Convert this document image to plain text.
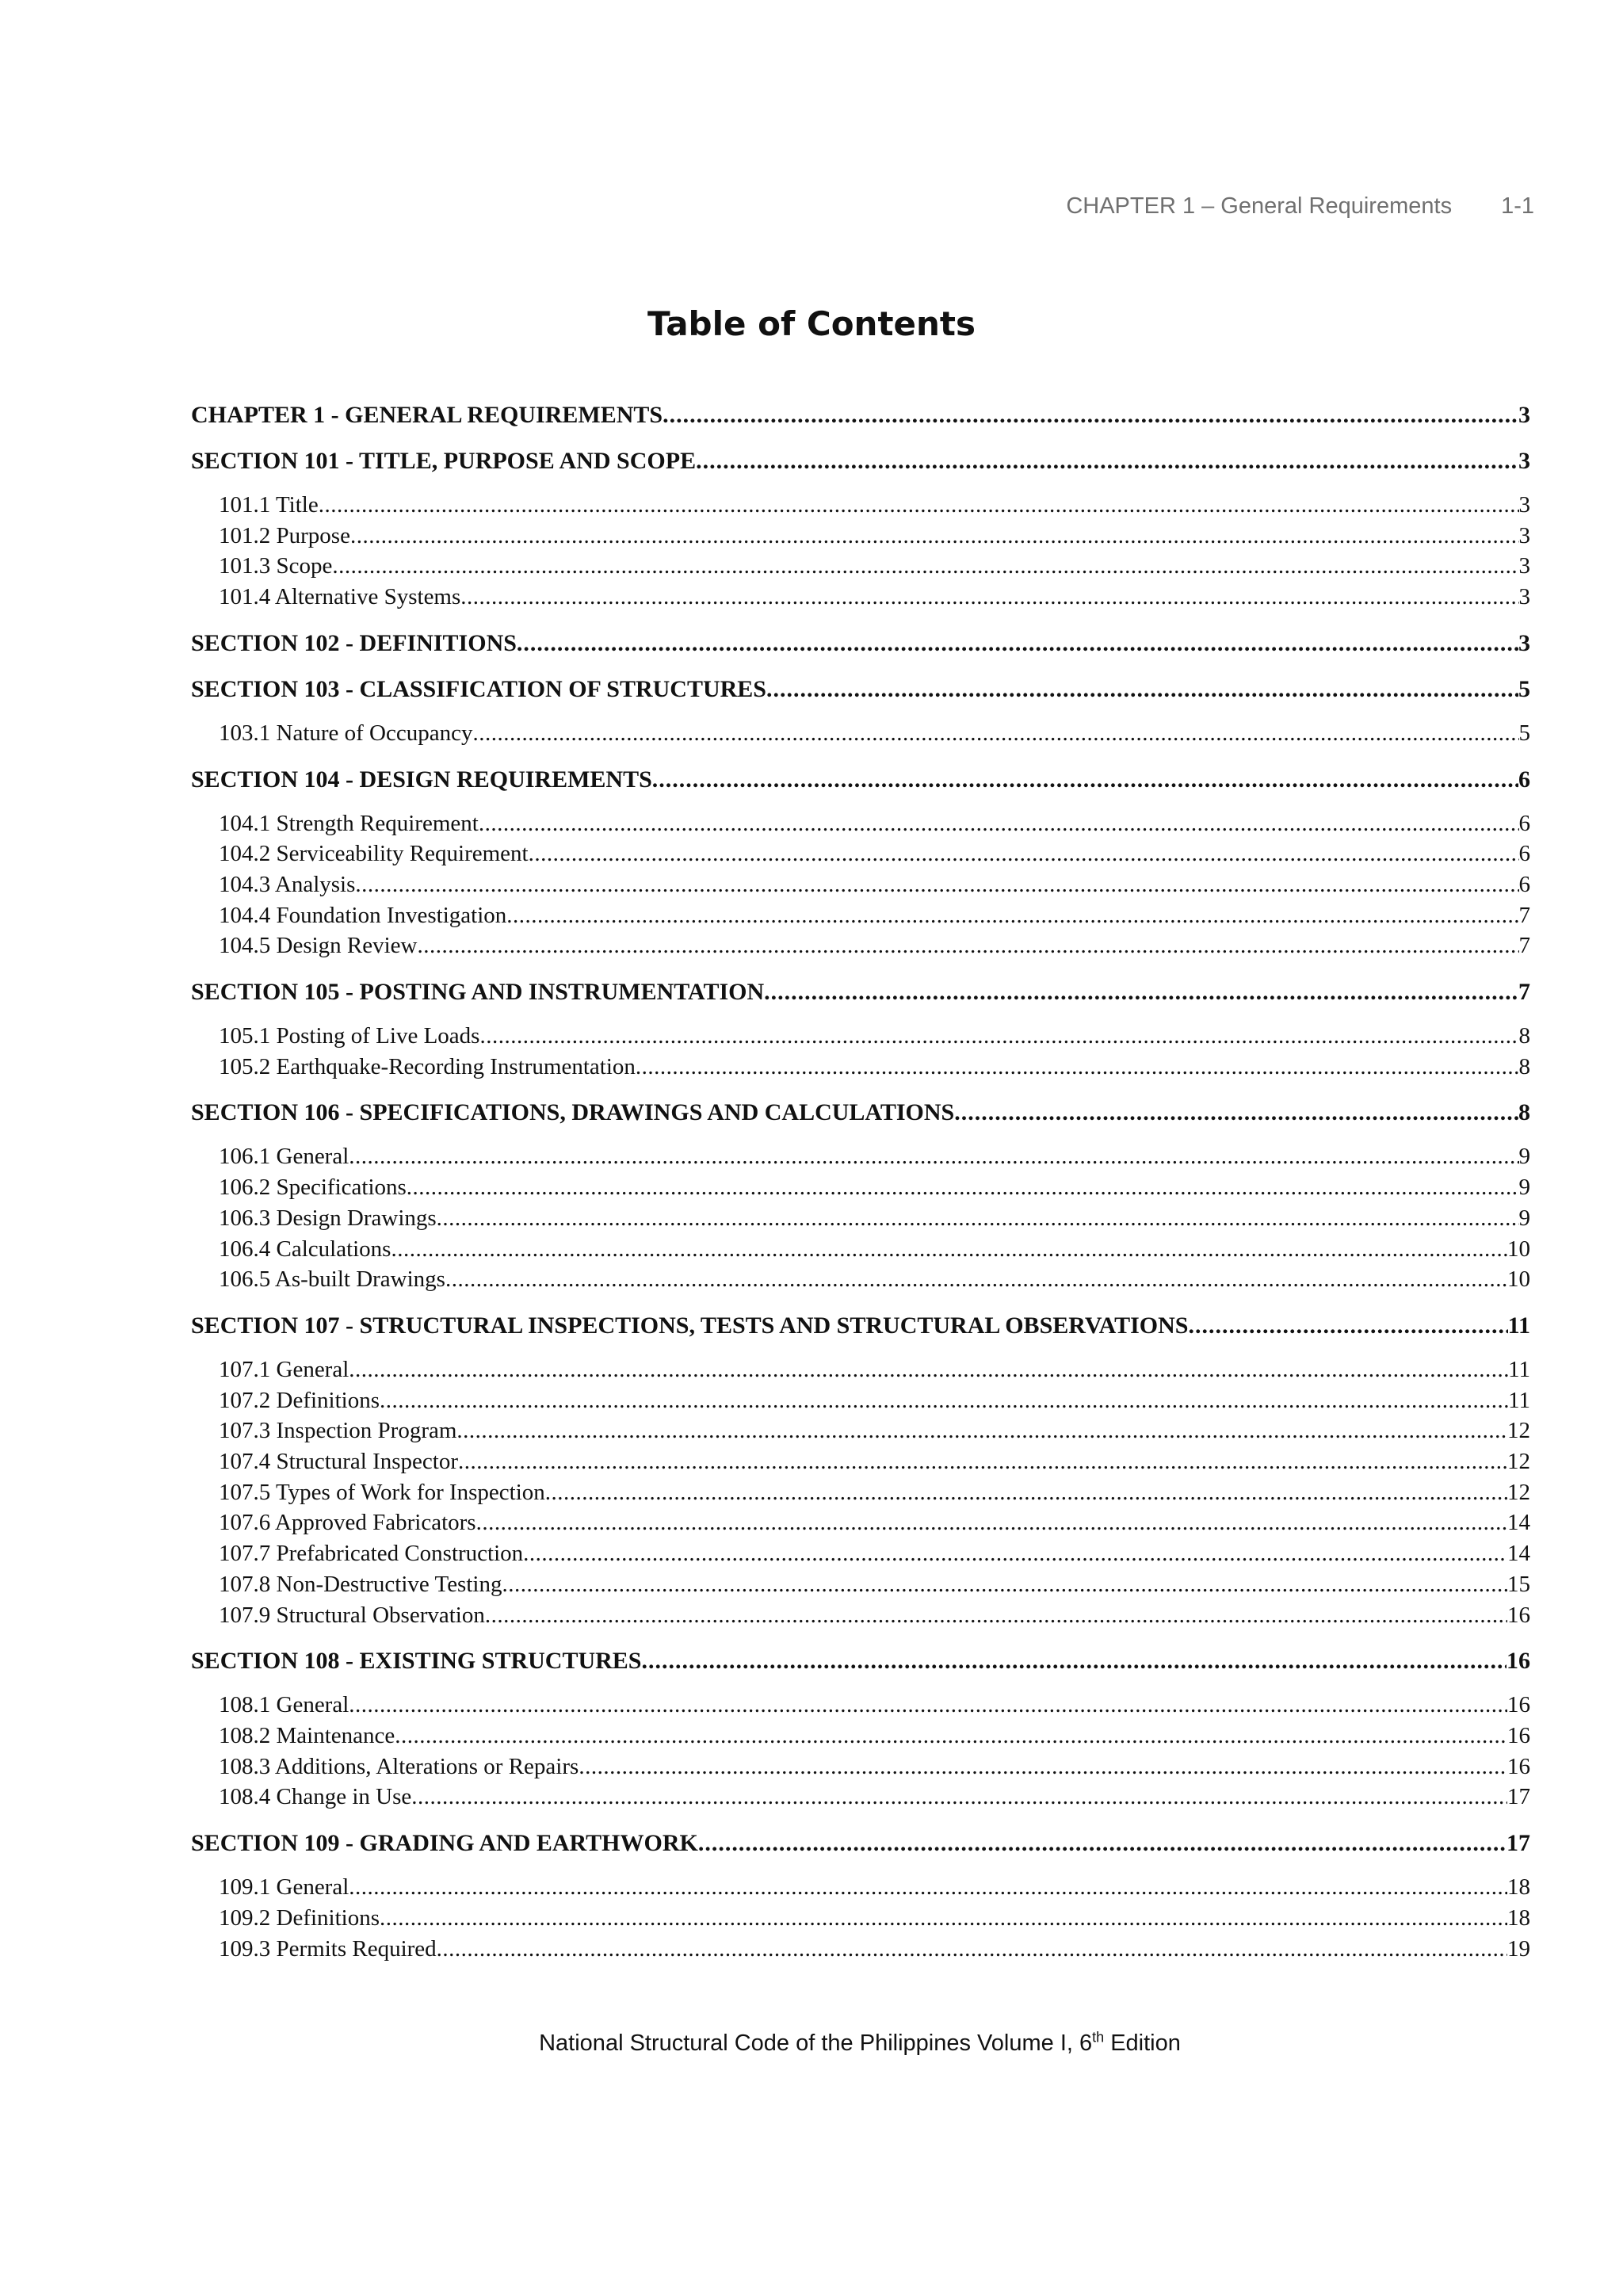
CHAPTER 1 – General Requirements 1-1
Table of Contents
CHAPTER 1 - GENERAL REQUIREMENTS .....	3
SECTION 101 - TITLE, PURPOSE AND SCOPE .....	3
101.1 Title .....	3
101.2 Purpose .....	3
101.3 Scope .....	3
101.4 Alternative Systems .....	3
SECTION 102 - DEFINITIONS .....	3
SECTION 103 - CLASSIFICATION OF STRUCTURES .....	5
103.1 Nature of Occupancy .....	5
SECTION 104 - DESIGN REQUIREMENTS .....	6
104.1 Strength Requirement .....	6
104.2 Serviceability Requirement .....	6
104.3 Analysis .....	6
104.4 Foundation Investigation .....	7
104.5 Design Review .....	7
SECTION 105 - POSTING AND INSTRUMENTATION .....	7
105.1 Posting of Live Loads .....	8
105.2 Earthquake-Recording Instrumentation .....	8
SECTION 106 - SPECIFICATIONS, DRAWINGS AND CALCULATIONS .....	8
106.1 General .....	9
106.2 Specifications .....	9
106.3 Design Drawings .....	9
106.4 Calculations .....	10
106.5 As-built Drawings .....	10
SECTION 107 - STRUCTURAL INSPECTIONS, TESTS AND STRUCTURAL OBSERVATIONS .....	11
107.1 General .....	11
107.2 Definitions .....	11
107.3 Inspection Program .....	12
107.4 Structural Inspector .....	12
107.5 Types of Work for Inspection .....	12
107.6 Approved Fabricators .....	14
107.7 Prefabricated Construction .....	14
107.8 Non-Destructive Testing .....	15
107.9 Structural Observation .....	16
SECTION 108 - EXISTING STRUCTURES .....	16
108.1 General .....	16
108.2 Maintenance .....	16
108.3 Additions, Alterations or Repairs .....	16
108.4 Change in Use .....	17
SECTION 109 - GRADING AND EARTHWORK .....	17
109.1 General .....	18
109.2 Definitions .....	18
109.3 Permits Required .....	19
National Structural Code of the Philippines Volume I, 6th Edition
